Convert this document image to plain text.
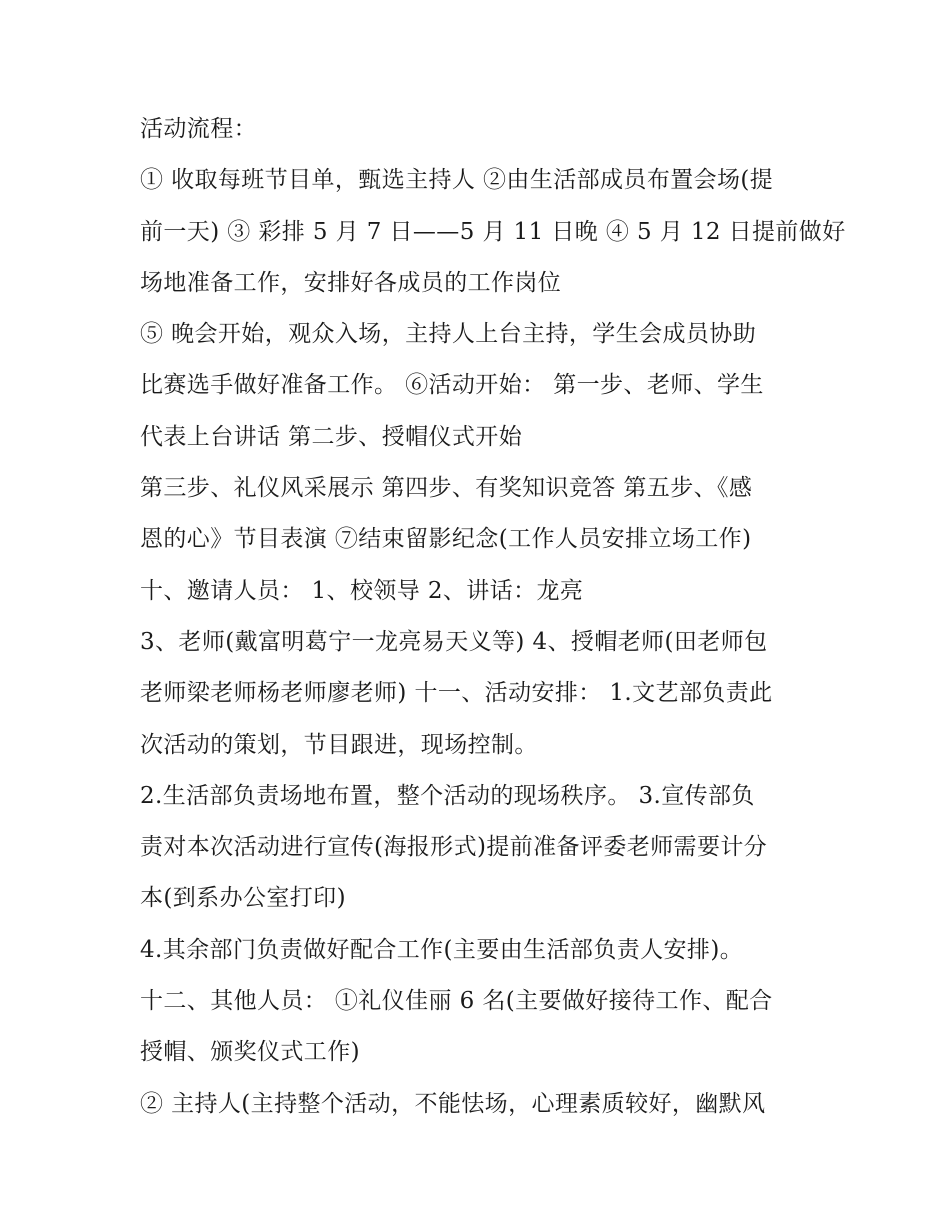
活动流程：
① 收取每班节目单，甄选主持人 ②由生活部成员布置会场(提
前一天) ③ 彩排 5 月 7 日——5 月 11 日晚 ④ 5 月 12 日提前做好
场地准备工作，安排好各成员的工作岗位
⑤ 晚会开始，观众入场，主持人上台主持，学生会成员协助
比赛选手做好准备工作。 ⑥活动开始： 第一步、老师、学生
代表上台讲话 第二步、授帽仪式开始
第三步、礼仪风采展示 第四步、有奖知识竞答 第五步、《感
恩的心》节目表演 ⑦结束留影纪念(工作人员安排立场工作)
十、邀请人员： 1、校领导 2、讲话：龙亮
3、老师(戴富明葛宁一龙亮易天义等) 4、授帽老师(田老师包
老师梁老师杨老师廖老师) 十一、活动安排： 1.文艺部负责此
次活动的策划，节目跟进，现场控制。
2.生活部负责场地布置，整个活动的现场秩序。 3.宣传部负
责对本次活动进行宣传(海报形式)提前准备评委老师需要计分
本(到系办公室打印)
4.其余部门负责做好配合工作(主要由生活部负责人安排)。
十二、其他人员： ①礼仪佳丽 6 名(主要做好接待工作、配合
授帽、颁奖仪式工作)
② 主持人(主持整个活动，不能怯场，心理素质较好，幽默风
